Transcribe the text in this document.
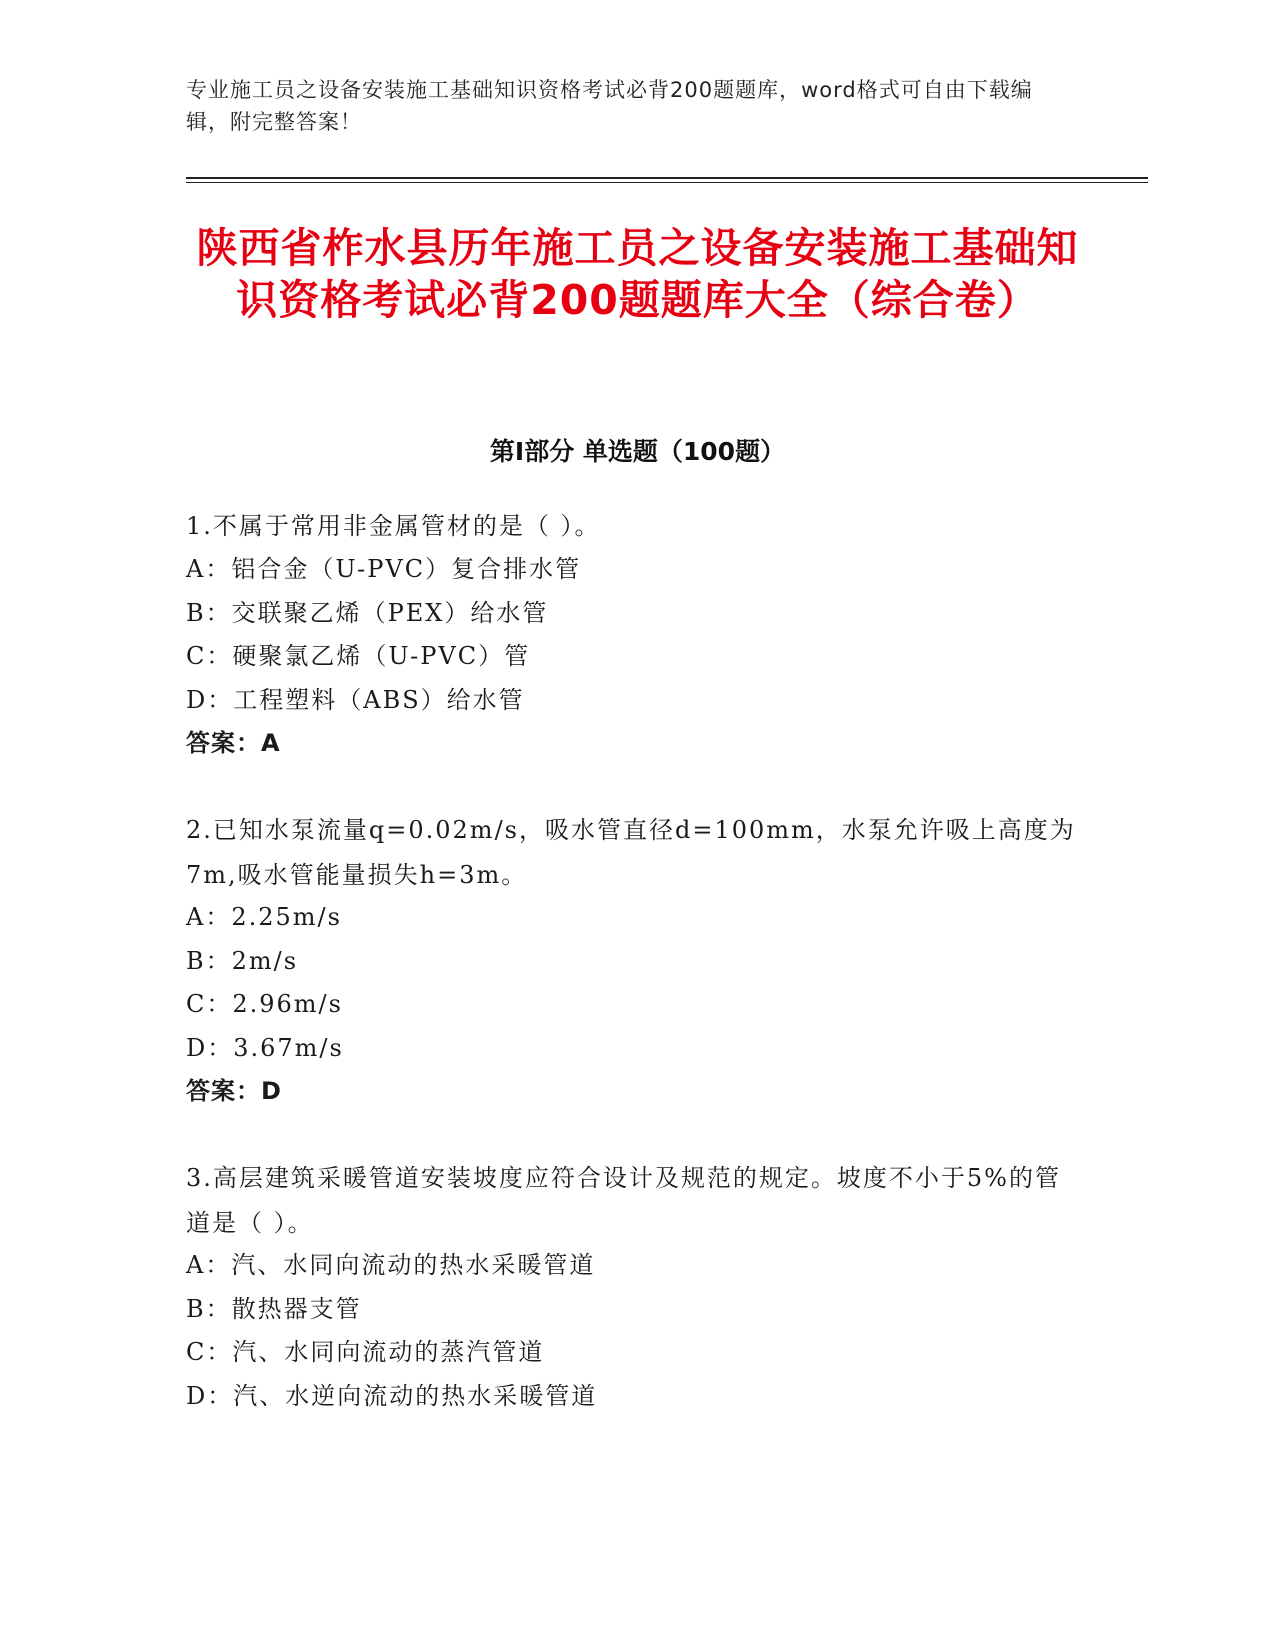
专业施工员之设备安装施工基础知识资格考试必背200题题库，word格式可自由下载编辑，附完整答案！
陕西省柞水县历年施工员之设备安装施工基础知识资格考试必背200题题库大全（综合卷）
第I部分 单选题（100题）

1.不属于常用非金属管材的是（ ）。

A：铝合金（U-PVC）复合排水管

B：交联聚乙烯（PEX）给水管

C：硬聚氯乙烯（U-PVC）管

D：工程塑料（ABS）给水管

答案：A

2.已知水泵流量q=0.02m/s，吸水管直径d=100mm，水泵允许吸上高度为7m,吸水管能量损失h=3m。

A：2.25m/s

B：2m/s

C：2.96m/s

D：3.67m/s

答案：D

3.高层建筑采暖管道安装坡度应符合设计及规范的规定。坡度不小于5%的管道是（ ）。

A：汽、水同向流动的热水采暖管道

B：散热器支管

C：汽、水同向流动的蒸汽管道

D：汽、水逆向流动的热水采暖管道
